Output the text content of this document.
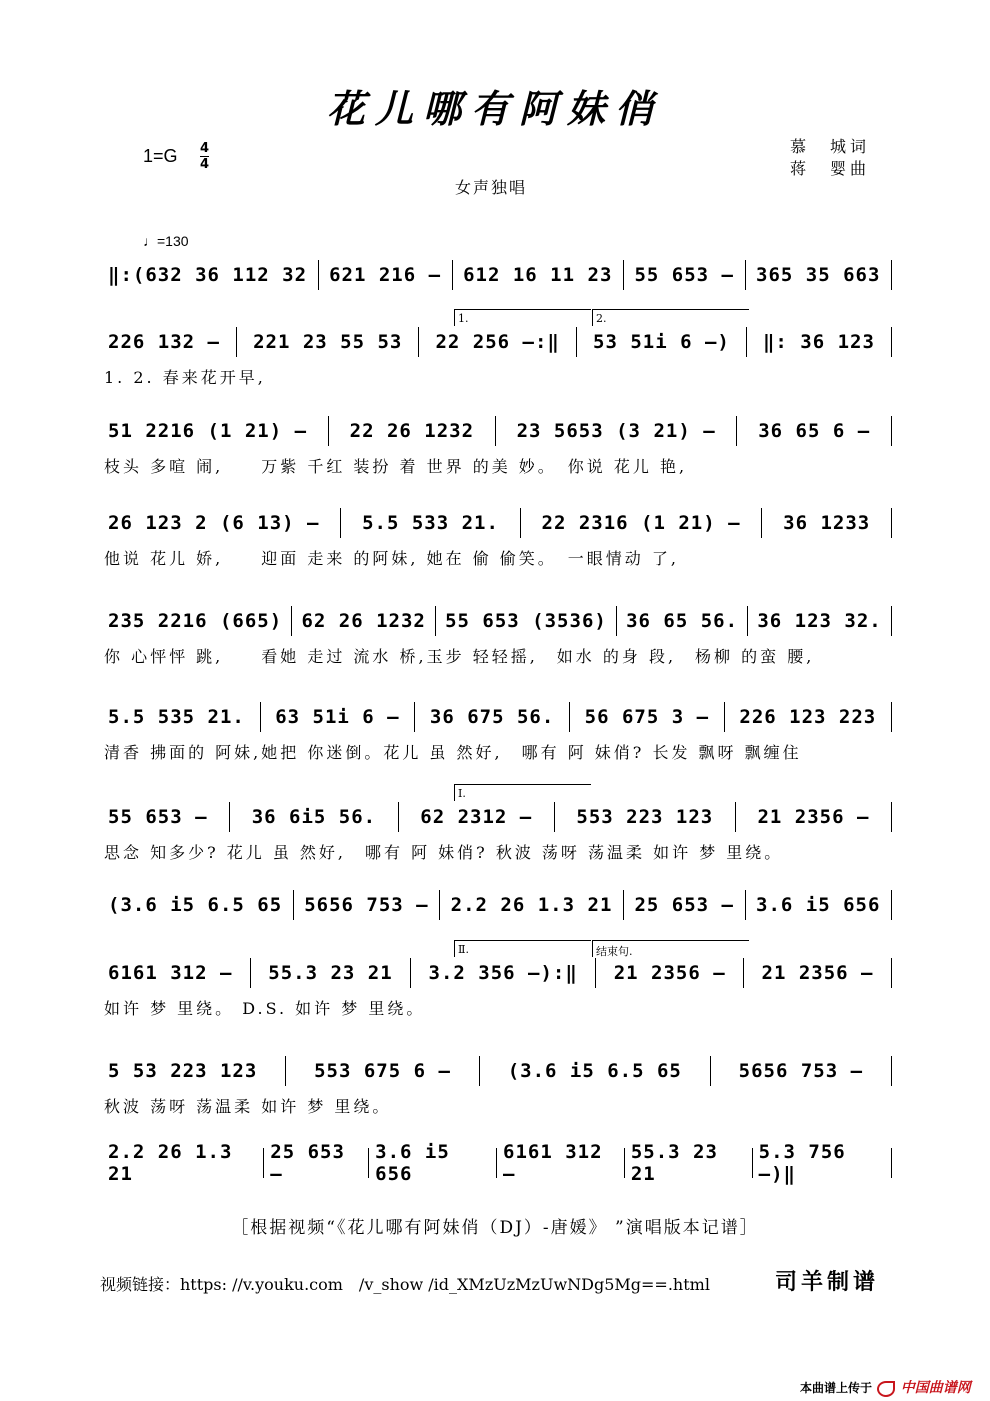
花儿哪有阿妹俏
1=G 4
4
慕　城词
蒋　婴曲
女声独唱
♩=130
‖:(632 36 112 32 621 216 – 612 16 11 23 55 653 – 365 35 663
226 132 – 221 23 55 53 22 256 –:‖ 53 51i 6 –) ‖: 36 123
1. 2. 春来花开早,
51 2216 (1 21) – 22 26 1232 23 5653 (3 21) – 36 65 6 –
枝头 多喧 闹,　　万紫 千红 装扮 着 世界 的美 妙。　你说 花儿 艳,
26 123 2 (6 13) – 5.5 533 21. 22 2316 (1 21) – 36 1233
他说 花儿 娇,　　迎面 走来 的阿妹, 她在 偷 偷笑。　一眼情动 了,
235 2216 (665) 62 26 1232 55 653 (3536) 36 65 56. 36 123 32.
你 心怦怦 跳,　　看她 走过 流水 桥,玉步 轻轻摇,　如水 的身 段,　杨柳 的蛮 腰,
5.5 535 21. 63 51i 6 – 36 675 56. 56 675 3 – 226 123 223
清香 拂面的 阿妹,她把 你迷倒。花儿 虽 然好,　哪有 阿 妹俏? 长发 飘呀 飘缠住
55 653 – 36 6i5 56. 62 2312 – 553 223 123 21 2356 –
思念 知多少? 花儿 虽 然好,　哪有 阿 妹俏? 秋波 荡呀 荡温柔 如许 梦 里绕。
(3.6 i5 6.5 65 5656 753 – 2.2 26 1.3 21 25 653 – 3.6 i5 656
6161 312 – 55.3 23 21 3.2 356 –):‖ 21 2356 – 21 2356 –
如许 梦 里绕。 D.S. 如许 梦 里绕。
5 53 223 123	553 675 6 –	(3.6 i5 6.5 65	5656 753 –
秋波 荡呀 荡温柔 如许 梦 里绕。
2.2 26 1.3 21
25 653 –
3.6 i5 656
6161 312 –
55.3 23 21
5.3 756 –)‖
［根据视频“《花儿哪有阿妹俏（DJ）-唐媛》 ”演唱版本记谱］
视频链接：https: //v.youku.com　/v_show /id_XMzUzMzUwNDg5Mg==.html	司羊制谱
本曲谱上传于 中国曲谱网
1.	2.
Ⅰ.
Ⅱ.	结束句.
